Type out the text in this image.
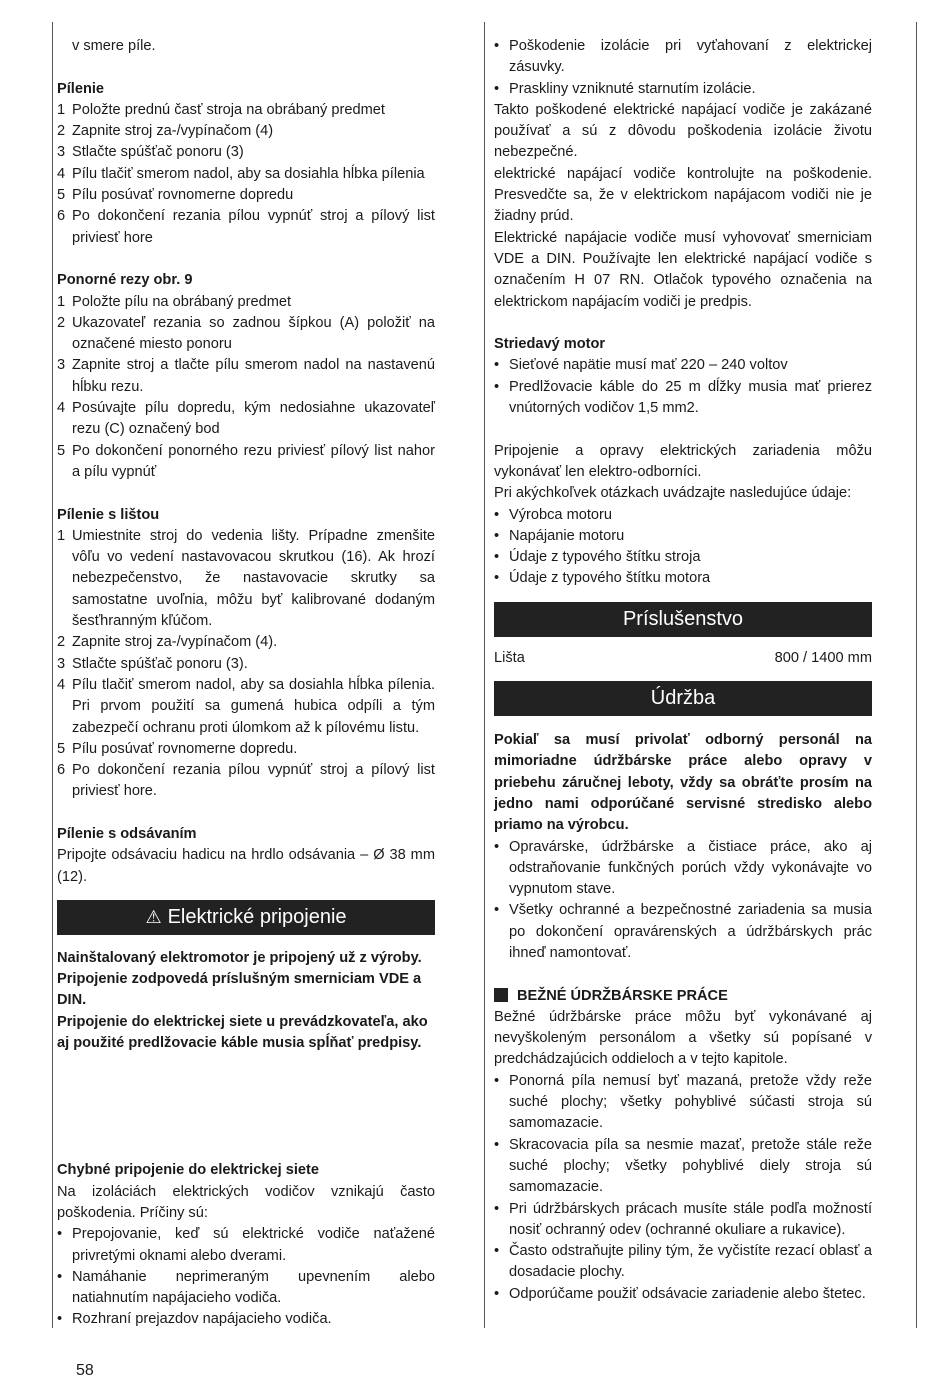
v smere píle.
Pílenie
1 Položte prednú časť stroja na obrábaný predmet
2 Zapnite stroj za-/vypínačom (4)
3 Stlačte spúšťač ponoru (3)
4 Pílu tlačiť smerom nadol, aby sa dosiahla hĺbka pílenia
5 Pílu posúvať rovnomerne dopredu
6 Po dokončení rezania pílou vypnúť stroj a pílový list priviesť hore
Ponorné rezy obr. 9
1 Položte pílu na obrábaný predmet
2 Ukazovateľ rezania so zadnou šípkou (A) položiť na označené miesto ponoru
3 Zapnite stroj a tlačte pílu smerom nadol na nastavenú hĺbku rezu.
4 Posúvajte pílu dopredu, kým nedosiahne ukazovateľ rezu (C) označený bod
5 Po dokončení ponorného rezu priviesť pílový list nahor a pílu vypnúť
Pílenie s lištou
1 Umiestnite stroj do vedenia lišty. Prípadne zmenšite vôľu vo vedení nastavovacou skrutkou (16). Ak hrozí nebezpečenstvo, že nastavovacie skrutky sa samostatne uvoľnia, môžu byť kalibrované dodaným šesťhranným kľúčom.
2 Zapnite stroj za-/vypínačom (4).
3 Stlačte spúšťač ponoru (3).
4 Pílu tlačiť smerom nadol, aby sa dosiahla hĺbka pílenia. Pri prvom použití sa gumená hubica odpíli a tým zabezpečí ochranu proti úlomkom až k pílovému listu.
5 Pílu posúvať rovnomerne dopredu.
6 Po dokončení rezania pílou vypnúť stroj a pílový list priviesť hore.
Pílenie s odsávaním
Pripojte odsávaciu hadicu na hrdlo odsávania – Ø 38 mm (12).
⚠ Elektrické pripojenie
Nainštalovaný elektromotor je pripojený už z výroby. Pripojenie zodpovedá príslušným smerniciam VDE a DIN.
Pripojenie do elektrickej siete u prevádzkovateľa, ako aj použité predlžovacie káble musia spĺňať predpisy.
Chybné pripojenie do elektrickej siete
Na izoláciách elektrických vodičov vznikajú často poškodenia. Príčiny sú:
• Prepojovanie, keď sú elektrické vodiče naťažené privretými oknami alebo dverami.
• Namáhanie neprimeraným upevnením alebo natiahnutím napájacieho vodiča.
• Rozhraní prejazdov napájacieho vodiča.
• Poškodenie izolácie pri vyťahovaní z elektrickej zásuvky.
• Praskliny vzniknuté starnutím izolácie.
Takto poškodené elektrické napájací vodiče je zakázané používať a sú z dôvodu poškodenia izolácie životu nebezpečné.
elektrické napájací vodiče kontrolujte na poškodenie. Presvedčte sa, že v elektrickom napájacom vodiči nie je žiadny prúd.
Elektrické napájacie vodiče musí vyhovovať smerniciam VDE a DIN. Používajte len elektrické napájací vodiče s označením H 07 RN. Otlačok typového označenia na elektrickom napájacím vodiči je predpis.
Striedavý motor
• Sieťové napätie musí mať 220 – 240 voltov
• Predlžovacie káble do 25 m dĺžky musia mať prierez vnútorných vodičov 1,5 mm2.
Pripojenie a opravy elektrických zariadenia môžu vykonávať len elektro-odborníci.
Pri akýchkoľvek otázkach uvádzajte nasledujúce údaje:
• Výrobca motoru
• Napájanie motoru
• Údaje z typového štítku stroja
• Údaje z typového štítku motora
Príslušenstvo
Lišta	800 / 1400 mm
Údržba
Pokiaľ sa musí privolať odborný personál na mimoriadne údržbárske práce alebo opravy v priebehu záručnej leboty, vždy sa obráťte prosím na jedno nami odporúčané servisné stredisko alebo priamo na výrobcu.
• Opravárske, údržbárske a čistiace práce, ako aj odstraňovanie funkčných porúch vždy vykonávajte vo vypnutom stave.
• Všetky ochranné a bezpečnostné zariadenia sa musia po dokončení opravárenských a údržbárskych prác ihneď namontovať.
BEŽNÉ ÚDRŽBÁRSKE PRÁCE
Bežné údržbárske práce môžu byť vykonávané aj nevyškoleným personálom a všetky sú popísané v predchádzajúcich oddieloch a v tejto kapitole.
• Ponorná píla nemusí byť mazaná, pretože vždy reže suché plochy; všetky pohyblivé súčasti stroja sú samomazacie.
• Skracovacia píla sa nesmie mazať, pretože stále reže suché plochy; všetky pohyblivé diely stroja sú samomazacie.
• Pri údržbárskych prácach musíte stále podľa možností nosiť ochranný odev (ochranné okuliare a rukavice).
• Často odstraňujte piliny tým, že vyčistíte rezací oblasť a dosadacie plochy.
• Odporúčame použiť odsávacie zariadenie alebo štetec.
58
